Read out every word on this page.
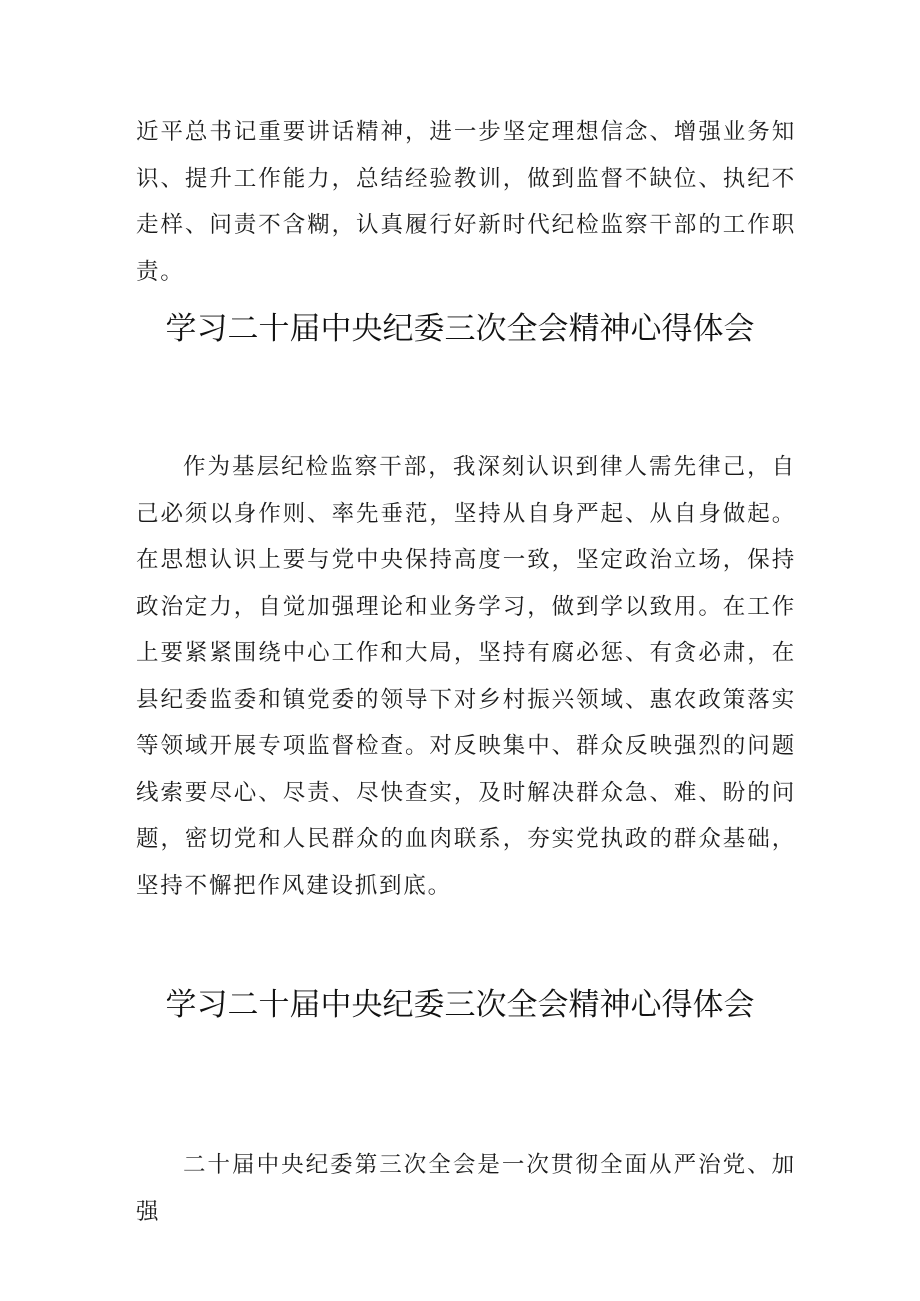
近平总书记重要讲话精神，进一步坚定理想信念、增强业务知识、提升工作能力，总结经验教训，做到监督不缺位、执纪不走样、问责不含糊，认真履行好新时代纪检监察干部的工作职责。

学习二十届中央纪委三次全会精神心得体会

作为基层纪检监察干部，我深刻认识到律人需先律己，自己必须以身作则、率先垂范，坚持从自身严起、从自身做起。在思想认识上要与党中央保持高度一致，坚定政治立场，保持政治定力，自觉加强理论和业务学习，做到学以致用。在工作上要紧紧围绕中心工作和大局，坚持有腐必惩、有贪必肃，在县纪委监委和镇党委的领导下对乡村振兴领域、惠农政策落实等领域开展专项监督检查。对反映集中、群众反映强烈的问题线索要尽心、尽责、尽快查实，及时解决群众急、难、盼的问题，密切党和人民群众的血肉联系，夯实党执政的群众基础，坚持不懈把作风建设抓到底。

学习二十届中央纪委三次全会精神心得体会

二十届中央纪委第三次全会是一次贯彻全面从严治党、加强
